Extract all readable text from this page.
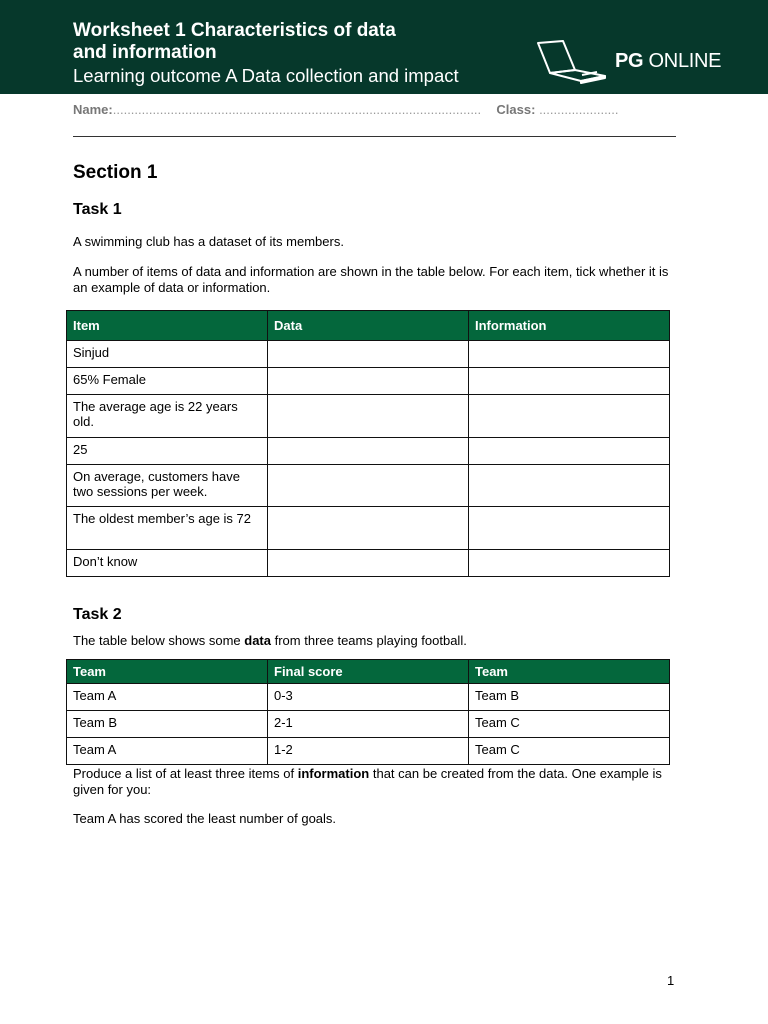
Worksheet 1 Characteristics of data
and information
Learning outcome A Data collection and impact
PG ONLINE
Name:...................................................................................................... Class: ......................
Section 1
Task 1

A swimming club has a dataset of its members.

A number of items of data and information are shown in the table below. For each item, tick whether it is an example of data or information.

Item	Data	Information
Sinjud		
65% Female		
The average age is 22 years old.		
25		
On average, customers have two sessions per week.		
The oldest member’s age is 72		
Don’t know		
Task 2

The table below shows some data from three teams playing football.

Team	Final score	Team
Team A	0-3	Team B
Team B	2-1	Team C
Team A	1-2	Team C

Produce a list of at least three items of information that can be created from the data. One example is given for you:

Team A has scored the least number of goals.

1
